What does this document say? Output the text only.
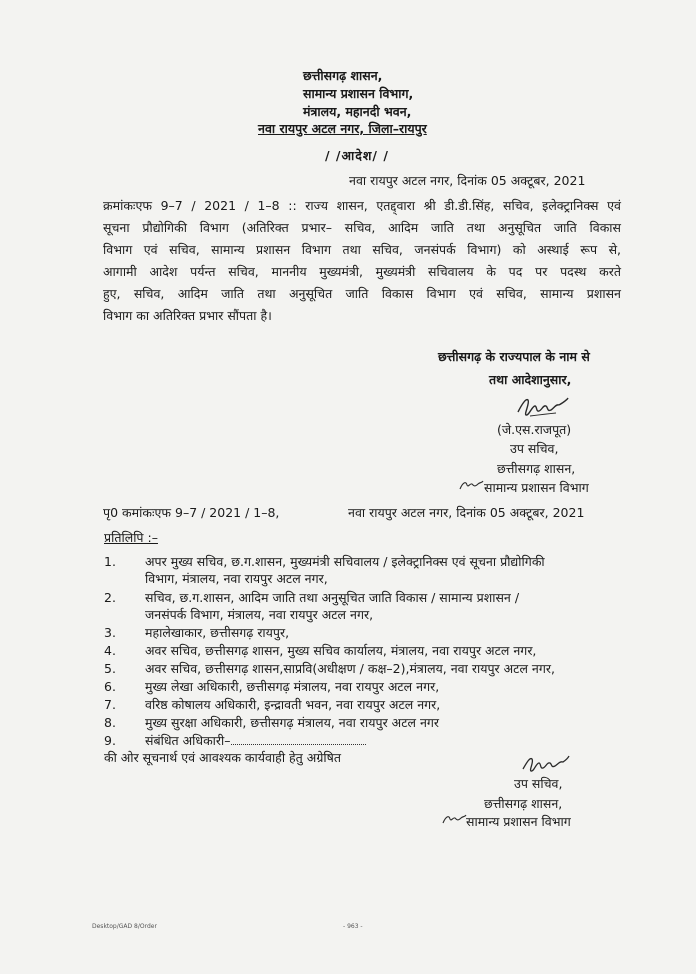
छत्तीसगढ़ शासन,
सामान्य प्रशासन विभाग,
मंत्रालय, महानदी भवन,
नवा रायपुर अटल नगर, जिला–रायपुर
/ /आदेश/ /
नवा रायपुर अटल नगर, दिनांक 05 अक्टूबर, 2021
क्रमांकःएफ 9–7 / 2021 / 1–8 :: राज्य शासन, एतद्द्वारा श्री डी.डी.सिंह, सचिव, इलेक्ट्रानिक्स एवं
सूचना प्रौद्योगिकी विभाग (अतिरिक्त प्रभार– सचिव, आदिम जाति तथा अनुसूचित जाति विकास
विभाग एवं सचिव, सामान्य प्रशासन विभाग तथा सचिव, जनसंपर्क विभाग) को अस्थाई रूप से,
आगामी आदेश पर्यन्त सचिव, माननीय मुख्यमंत्री, मुख्यमंत्री सचिवालय के पद पर पदस्थ करते
हुए, सचिव, आदिम जाति तथा अनुसूचित जाति विकास विभाग एवं सचिव, सामान्य प्रशासन
विभाग का अतिरिक्त प्रभार सौंपता है।
छत्तीसगढ़ के राज्यपाल के नाम से
तथा आदेशानुसार,
(जे.एस.राजपूत)
उप सचिव,
छत्तीसगढ़ शासन,
सामान्य प्रशासन विभाग
पृ0 कमांकःएफ 9–7 / 2021 / 1–8,	नवा रायपुर अटल नगर, दिनांक 05 अक्टूबर, 2021
प्रतिलिपि :–
1. अपर मुख्य सचिव, छ.ग.शासन, मुख्यमंत्री सचिवालय / इलेक्ट्रानिक्स एवं सूचना प्रौद्योगिकी
विभाग, मंत्रालय, नवा रायपुर अटल नगर,
2. सचिव, छ.ग.शासन, आदिम जाति तथा अनुसूचित जाति विकास / सामान्य प्रशासन /
जनसंपर्क विभाग, मंत्रालय, नवा रायपुर अटल नगर,
3. महालेखाकार, छत्तीसगढ़ रायपुर,
4. अवर सचिव, छत्तीसगढ़ शासन, मुख्य सचिव कार्यालय, मंत्रालय, नवा रायपुर अटल नगर,
5. अवर सचिव, छत्तीसगढ़ शासन,साप्रवि(अधीक्षण / कक्ष–2),मंत्रालय, नवा रायपुर अटल नगर,
6. मुख्य लेखा अधिकारी, छत्तीसगढ़ मंत्रालय, नवा रायपुर अटल नगर,
7. वरिष्ठ कोषालय अधिकारी, इन्द्रावती भवन, नवा रायपुर अटल नगर,
8. मुख्य सुरक्षा अधिकारी, छत्तीसगढ़ मंत्रालय, नवा रायपुर अटल नगर
9. संबंधित अधिकारी–
की ओर सूचनार्थ एवं आवश्यक कार्यवाही हेतु अग्रेषित
उप सचिव,
छत्तीसगढ़ शासन,
सामान्य प्रशासन विभाग
Desktop/GAD 8/Order	- 963 -
